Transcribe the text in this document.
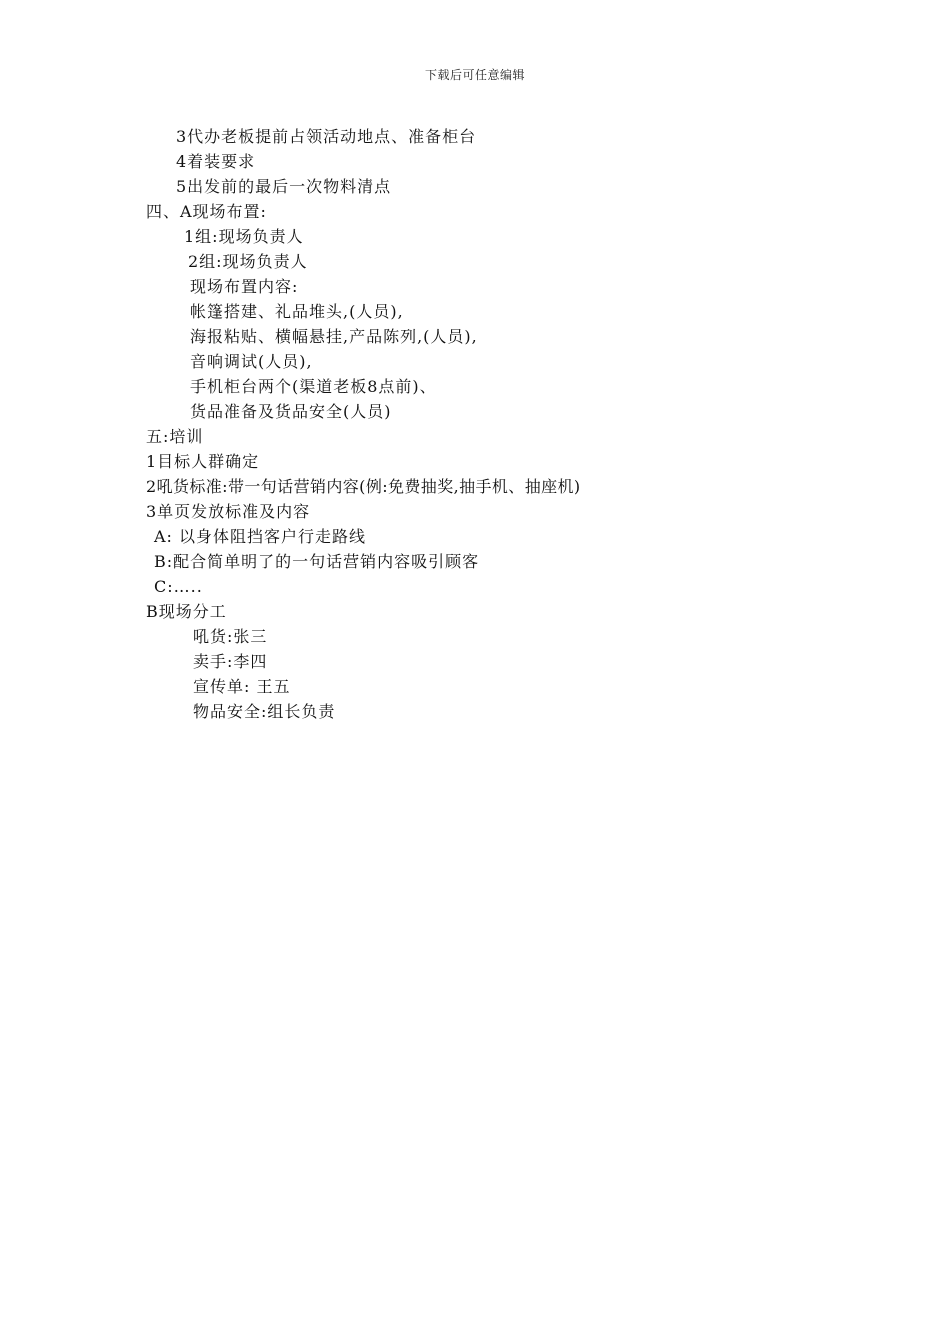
下载后可任意编辑
3代办老板提前占领活动地点、准备柜台
4着装要求
5出发前的最后一次物料清点
四、A现场布置:
1组:现场负责人
2组:现场负责人
现场布置内容:
帐篷搭建、礼品堆头,(人员),
海报粘贴、横幅悬挂,产品陈列,(人员),
音响调试(人员),
手机柜台两个(渠道老板8点前)、
货品准备及货品安全(人员)
五:培训
1目标人群确定
2吼货标准:带一句话营销内容(例:免费抽奖,抽手机、抽座机)
3单页发放标准及内容
A: 以身体阻挡客户行走路线
B:配合简单明了的一句话营销内容吸引顾客
C:…..
B现场分工
吼货:张三
卖手:李四
宣传单: 王五
物品安全:组长负责
